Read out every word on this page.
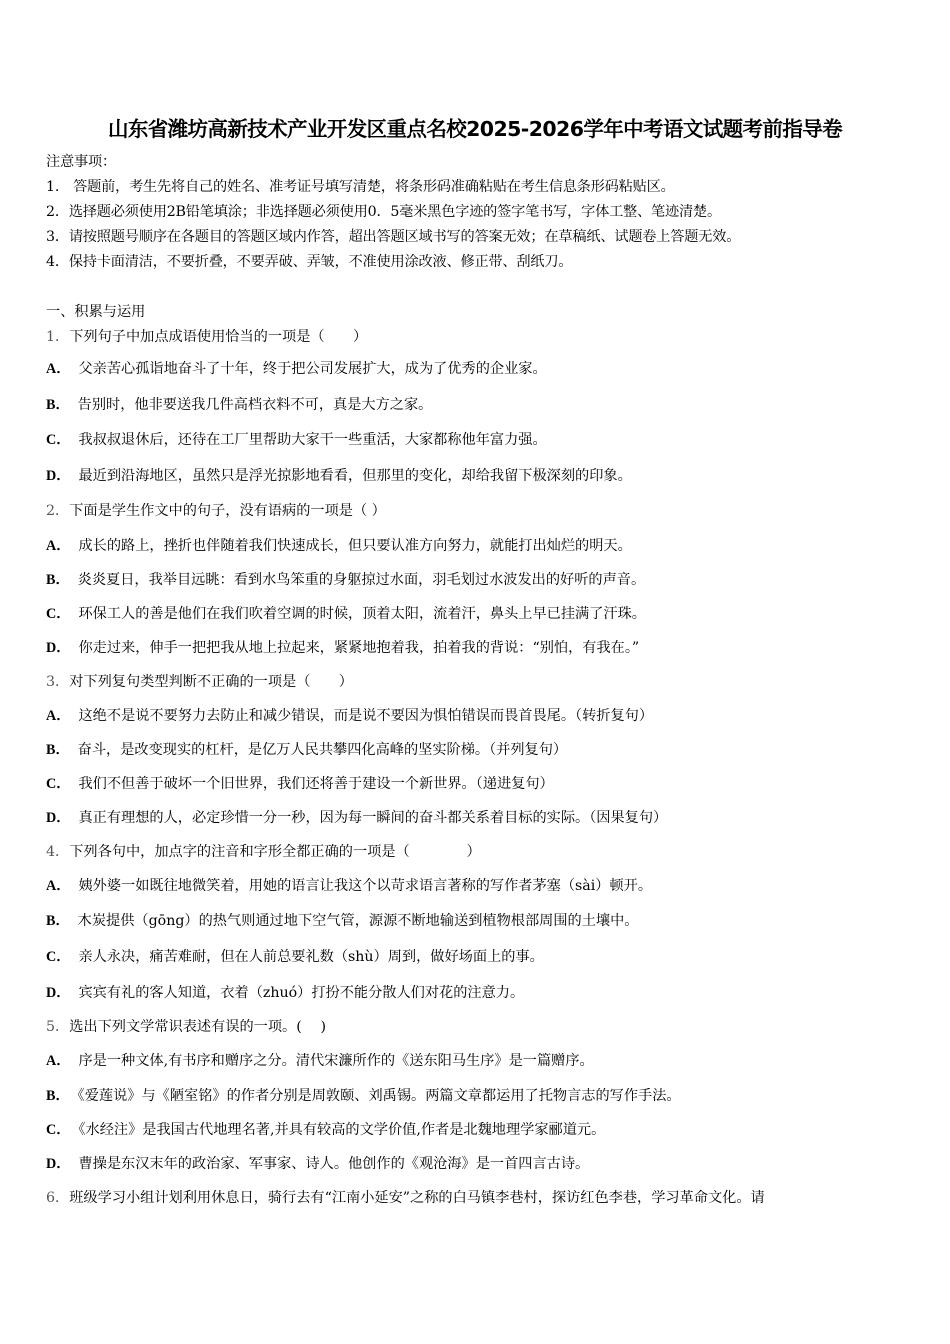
山东省潍坊高新技术产业开发区重点名校2025-2026学年中考语文试题考前指导卷
注意事项：
1.　答题前，考生先将自己的姓名、准考证号填写清楚，将条形码准确粘贴在考生信息条形码粘贴区。
2．选择题必须使用2B铅笔填涂；非选择题必须使用0．5毫米黑色字迹的签字笔书写，字体工整、笔迹清楚。
3．请按照题号顺序在各题目的答题区域内作答，超出答题区域书写的答案无效；在草稿纸、试题卷上答题无效。
4．保持卡面清洁，不要折叠，不要弄破、弄皱，不准使用涂改液、修正带、刮纸刀。
一、积累与运用
1．下列句子中加点成语使用恰当的一项是（　　）
A． 父亲苦心孤诣地奋斗了十年，终于把公司发展扩大，成为了优秀的企业家。
B． 告别时，他非要送我几件高档衣料不可，真是大方之家。
C． 我叔叔退休后，还待在工厂里帮助大家干一些重活，大家都称他年富力强。
D． 最近到沿海地区，虽然只是浮光掠影地看看，但那里的变化，却给我留下极深刻的印象。
2．下面是学生作文中的句子，没有语病的一项是（ ）
A． 成长的路上，挫折也伴随着我们快速成长，但只要认准方向努力，就能打出灿烂的明天。
B． 炎炎夏日，我举目远眺：看到水鸟笨重的身躯掠过水面，羽毛划过水波发出的好听的声音。
C． 环保工人的善是他们在我们吹着空调的时候，顶着太阳，流着汗，鼻头上早已挂满了汗珠。
D． 你走过来，伸手一把把我从地上拉起来，紧紧地抱着我，拍着我的背说：“别怕，有我在。”
3．对下列复句类型判断不正确的一项是（　　）
A． 这绝不是说不要努力去防止和减少错误，而是说不要因为惧怕错误而畏首畏尾。（转折复句）
B． 奋斗，是改变现实的杠杆，是亿万人民共攀四化高峰的坚实阶梯。（并列复句）
C． 我们不但善于破坏一个旧世界，我们还将善于建设一个新世界。（递进复句）
D． 真正有理想的人，必定珍惜一分一秒，因为每一瞬间的奋斗都关系着目标的实际。（因果复句）
4．下列各句中，加点字的注音和字形全都正确的一项是（　　　　）
A． 姨外婆一如既往地微笑着，用她的语言让我这个以苛求语言著称的写作者茅塞（sài）顿开。
B． 木炭提供（gōng）的热气则通过地下空气管，源源不断地输送到植物根部周围的土壤中。
C． 亲人永决，痛苦难耐，但在人前总要礼数（shù）周到，做好场面上的事。
D． 宾宾有礼的客人知道，衣着（zhuó）打扮不能分散人们对花的注意力。
5．选出下列文学常识表述有误的一项。(　 )
A． 序是一种文体,有书序和赠序之分。清代宋濂所作的《送东阳马生序》是一篇赠序。
B． 《爱莲说》与《陋室铭》的作者分别是周敦颐、刘禹锡。两篇文章都运用了托物言志的写作手法。
C． 《水经注》是我国古代地理名著,并具有较高的文学价值,作者是北魏地理学家郦道元。
D． 曹操是东汉末年的政治家、军事家、诗人。他创作的《观沧海》是一首四言古诗。
6．班级学习小组计划利用休息日，骑行去有“江南小延安”之称的白马镇李巷村，探访红色李巷，学习革命文化。请
